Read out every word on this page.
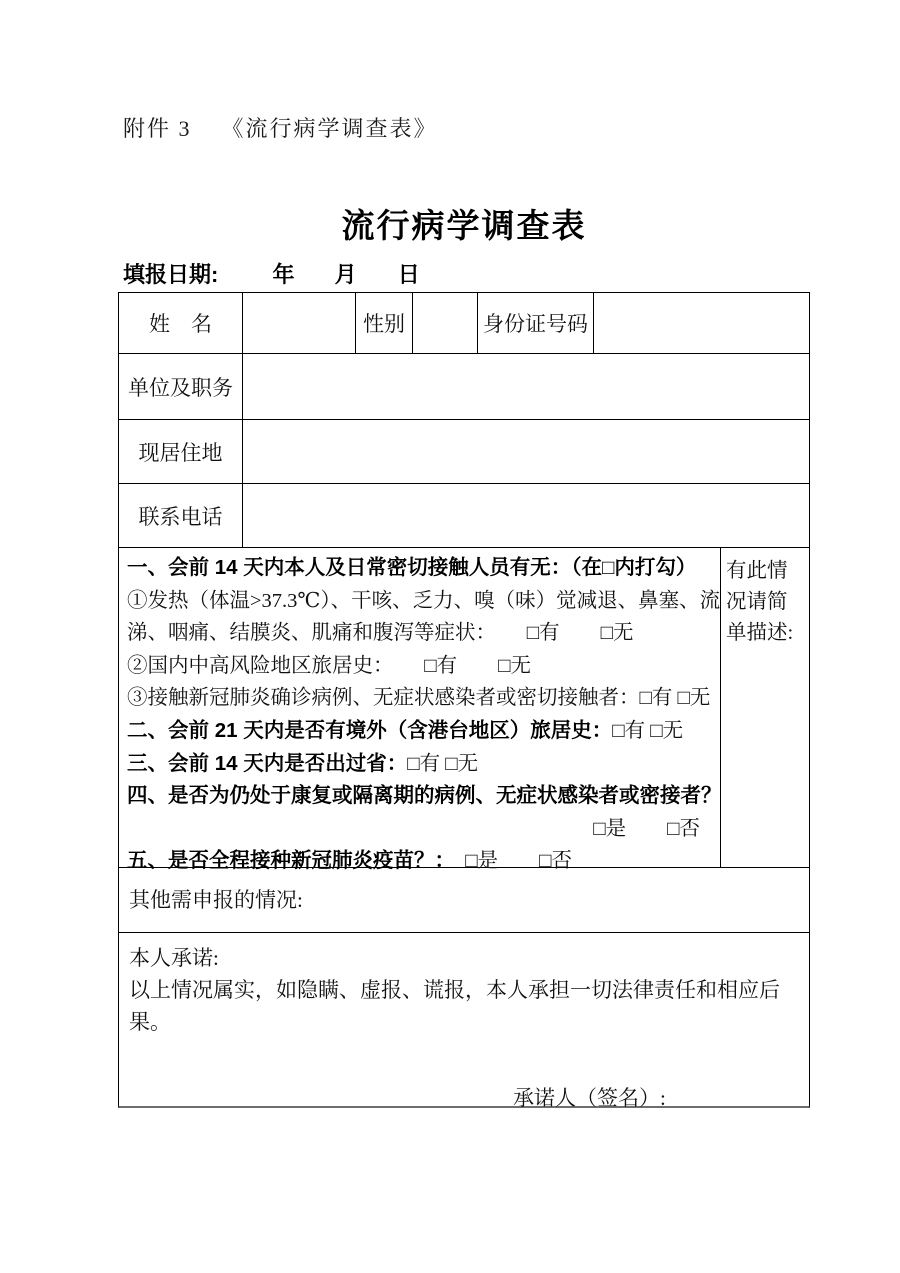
附件 3 《流行病学调查表》
流行病学调查表
填报日期: 年 月 日
姓　名	性别	身份证号码
单位及职务
现居住地
联系电话
一、会前 14 天内本人及日常密切接触人员有无：（在□内打勾）
①发热（体温>37.3℃）、干咳、乏力、嗅（味）觉减退、鼻塞、流
涕、咽痛、结膜炎、肌痛和腹泻等症状：　　□有　　□无
②国内中高风险地区旅居史：　　□有　　□无
③接触新冠肺炎确诊病例、无症状感染者或密切接触者：□有 □无
二、会前 21 天内是否有境外（含港台地区）旅居史：□有 □无
三、会前 14 天内是否出过省：□有 □无
四、是否为仍处于康复或隔离期的病例、无症状感染者或密接者？
□是　　□否
五、是否全程接种新冠肺炎疫苗？：　□是　　□否
有此情况请简单描述:
其他需申报的情况:
本人承诺:
以上情况属实，如隐瞒、虚报、谎报，本人承担一切法律责任和相应后果。
承诺人（签名）:
